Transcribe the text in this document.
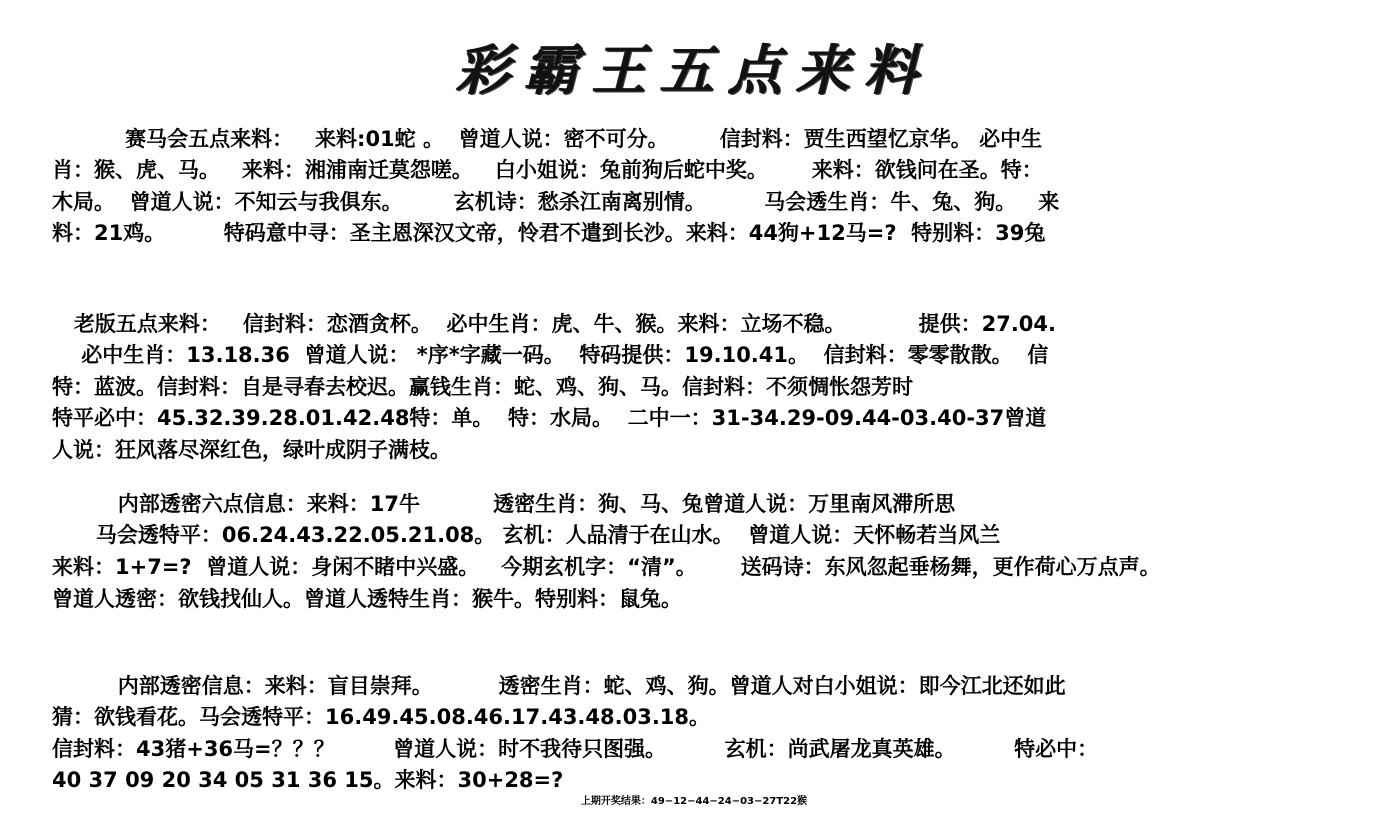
彩霸王五点来料
赛马会五点来料：   来料:01蛇 。  曾道人说：密不可分。       信封料：贾生西望忆京华。 必中生
肖：猴、虎、马。   来料：湘浦南迁莫怨嗟。   白小姐说：兔前狗后蛇中奖。      来料：欲钱问在圣。特：
木局。  曾道人说：不知云与我俱东。       玄机诗：愁杀江南离别情。        马会透生肖：牛、兔、狗。   来
料：21鸡。        特码意中寻：圣主恩深汉文帝，怜君不遣到长沙。来料：44狗+12马=?  特别料：39兔
老版五点来料：   信封料：恋酒贪杯。  必中生肖：虎、牛、猴。来料：立场不稳。          提供：27.04.
必中生肖：13.18.36  曾道人说： *序*字藏一码。  特码提供：19.10.41。  信封料：零零散散。  信
特：蓝波。信封料：自是寻春去校迟。赢钱生肖：蛇、鸡、狗、马。信封料：不须惆怅怨芳时
特平必中：45.32.39.28.01.42.48特：单。  特：水局。  二中一：31-34.29-09.44-03.40-37曾道
人说：狂风落尽深红色，绿叶成阴子满枝。
内部透密六点信息：来料：17牛          透密生肖：狗、马、兔曾道人说：万里南风滞所思
马会透特平：06.24.43.22.05.21.08。 玄机：人品清于在山水。  曾道人说：天怀畅若当风兰
来料：1+7=?  曾道人说：身闲不睹中兴盛。   今期玄机字：“清”。      送码诗：东风忽起垂杨舞，更作荷心万点声。
曾道人透密：欲钱找仙人。曾道人透特生肖：猴牛。特别料：鼠兔。
内部透密信息：来料：盲目崇拜。         透密生肖：蛇、鸡、狗。曾道人对白小姐说：即今江北还如此
猜：欲钱看花。马会透特平：16.49.45.08.46.17.43.48.03.18。
信封料：43猪+36马=？？？        曾道人说：时不我待只图强。        玄机：尚武屠龙真英雄。        特必中：
40 37 09 20 34 05 31 36 15。来料：30+28=?
上期开奖结果：49−12−44−24−03−27T22猴
